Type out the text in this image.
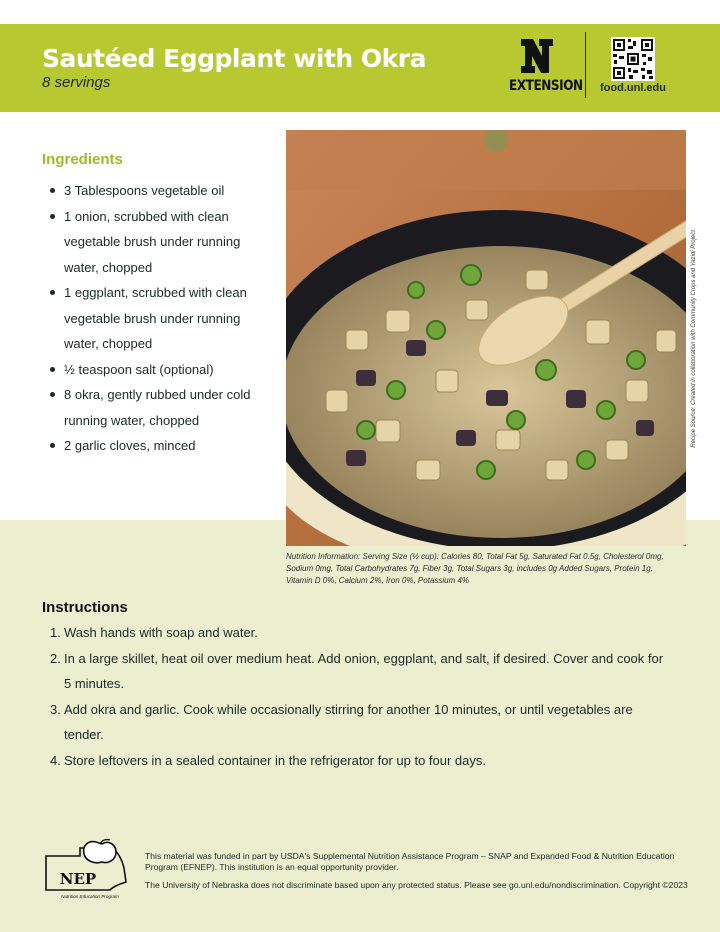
Sautéed Eggplant with Okra
8 servings	EXTENSION	food.unl.edu
Ingredients
3 Tablespoons vegetable oil
1 onion, scrubbed with clean vegetable brush under running water, chopped
1 eggplant, scrubbed with clean vegetable brush under running water, chopped
½ teaspoon salt (optional)
8 okra, gently rubbed under cold running water, chopped
2 garlic cloves, minced	Recipe Source: Created in collaboration with Community Crops and Yazidi Project.
Nutrition Information: Serving Size (½ cup): Calories 80, Total Fat 5g, Saturated Fat 0.5g, Cholesterol 0mg, Sodium 0mg, Total Carbohydrates 7g, Fiber 3g, Total Sugars 3g, includes 0g Added Sugars, Protein 1g, Vitamin D 0%, Calcium 2%, Iron 0%, Potassium 4%
Instructions
1. Wash hands with soap and water.
2. In a large skillet, heat oil over medium heat. Add onion, eggplant, and salt, if desired. Cover and cook for 5 minutes.
3. Add okra and garlic. Cook while occasionally stirring for another 10 minutes, or until vegetables are tender.
4. Store leftovers in a sealed container in the refrigerator for up to four days.
NEP
Nutrition Education Program

This material was funded in part by USDA's Supplemental Nutrition Assistance Program – SNAP and Expanded Food & Nutrition Education Program (EFNEP). This institution is an equal opportunity provider.

The University of Nebraska does not discriminate based upon any protected status. Please see go.unl.edu/nondiscrimination. Copyright ©2023
